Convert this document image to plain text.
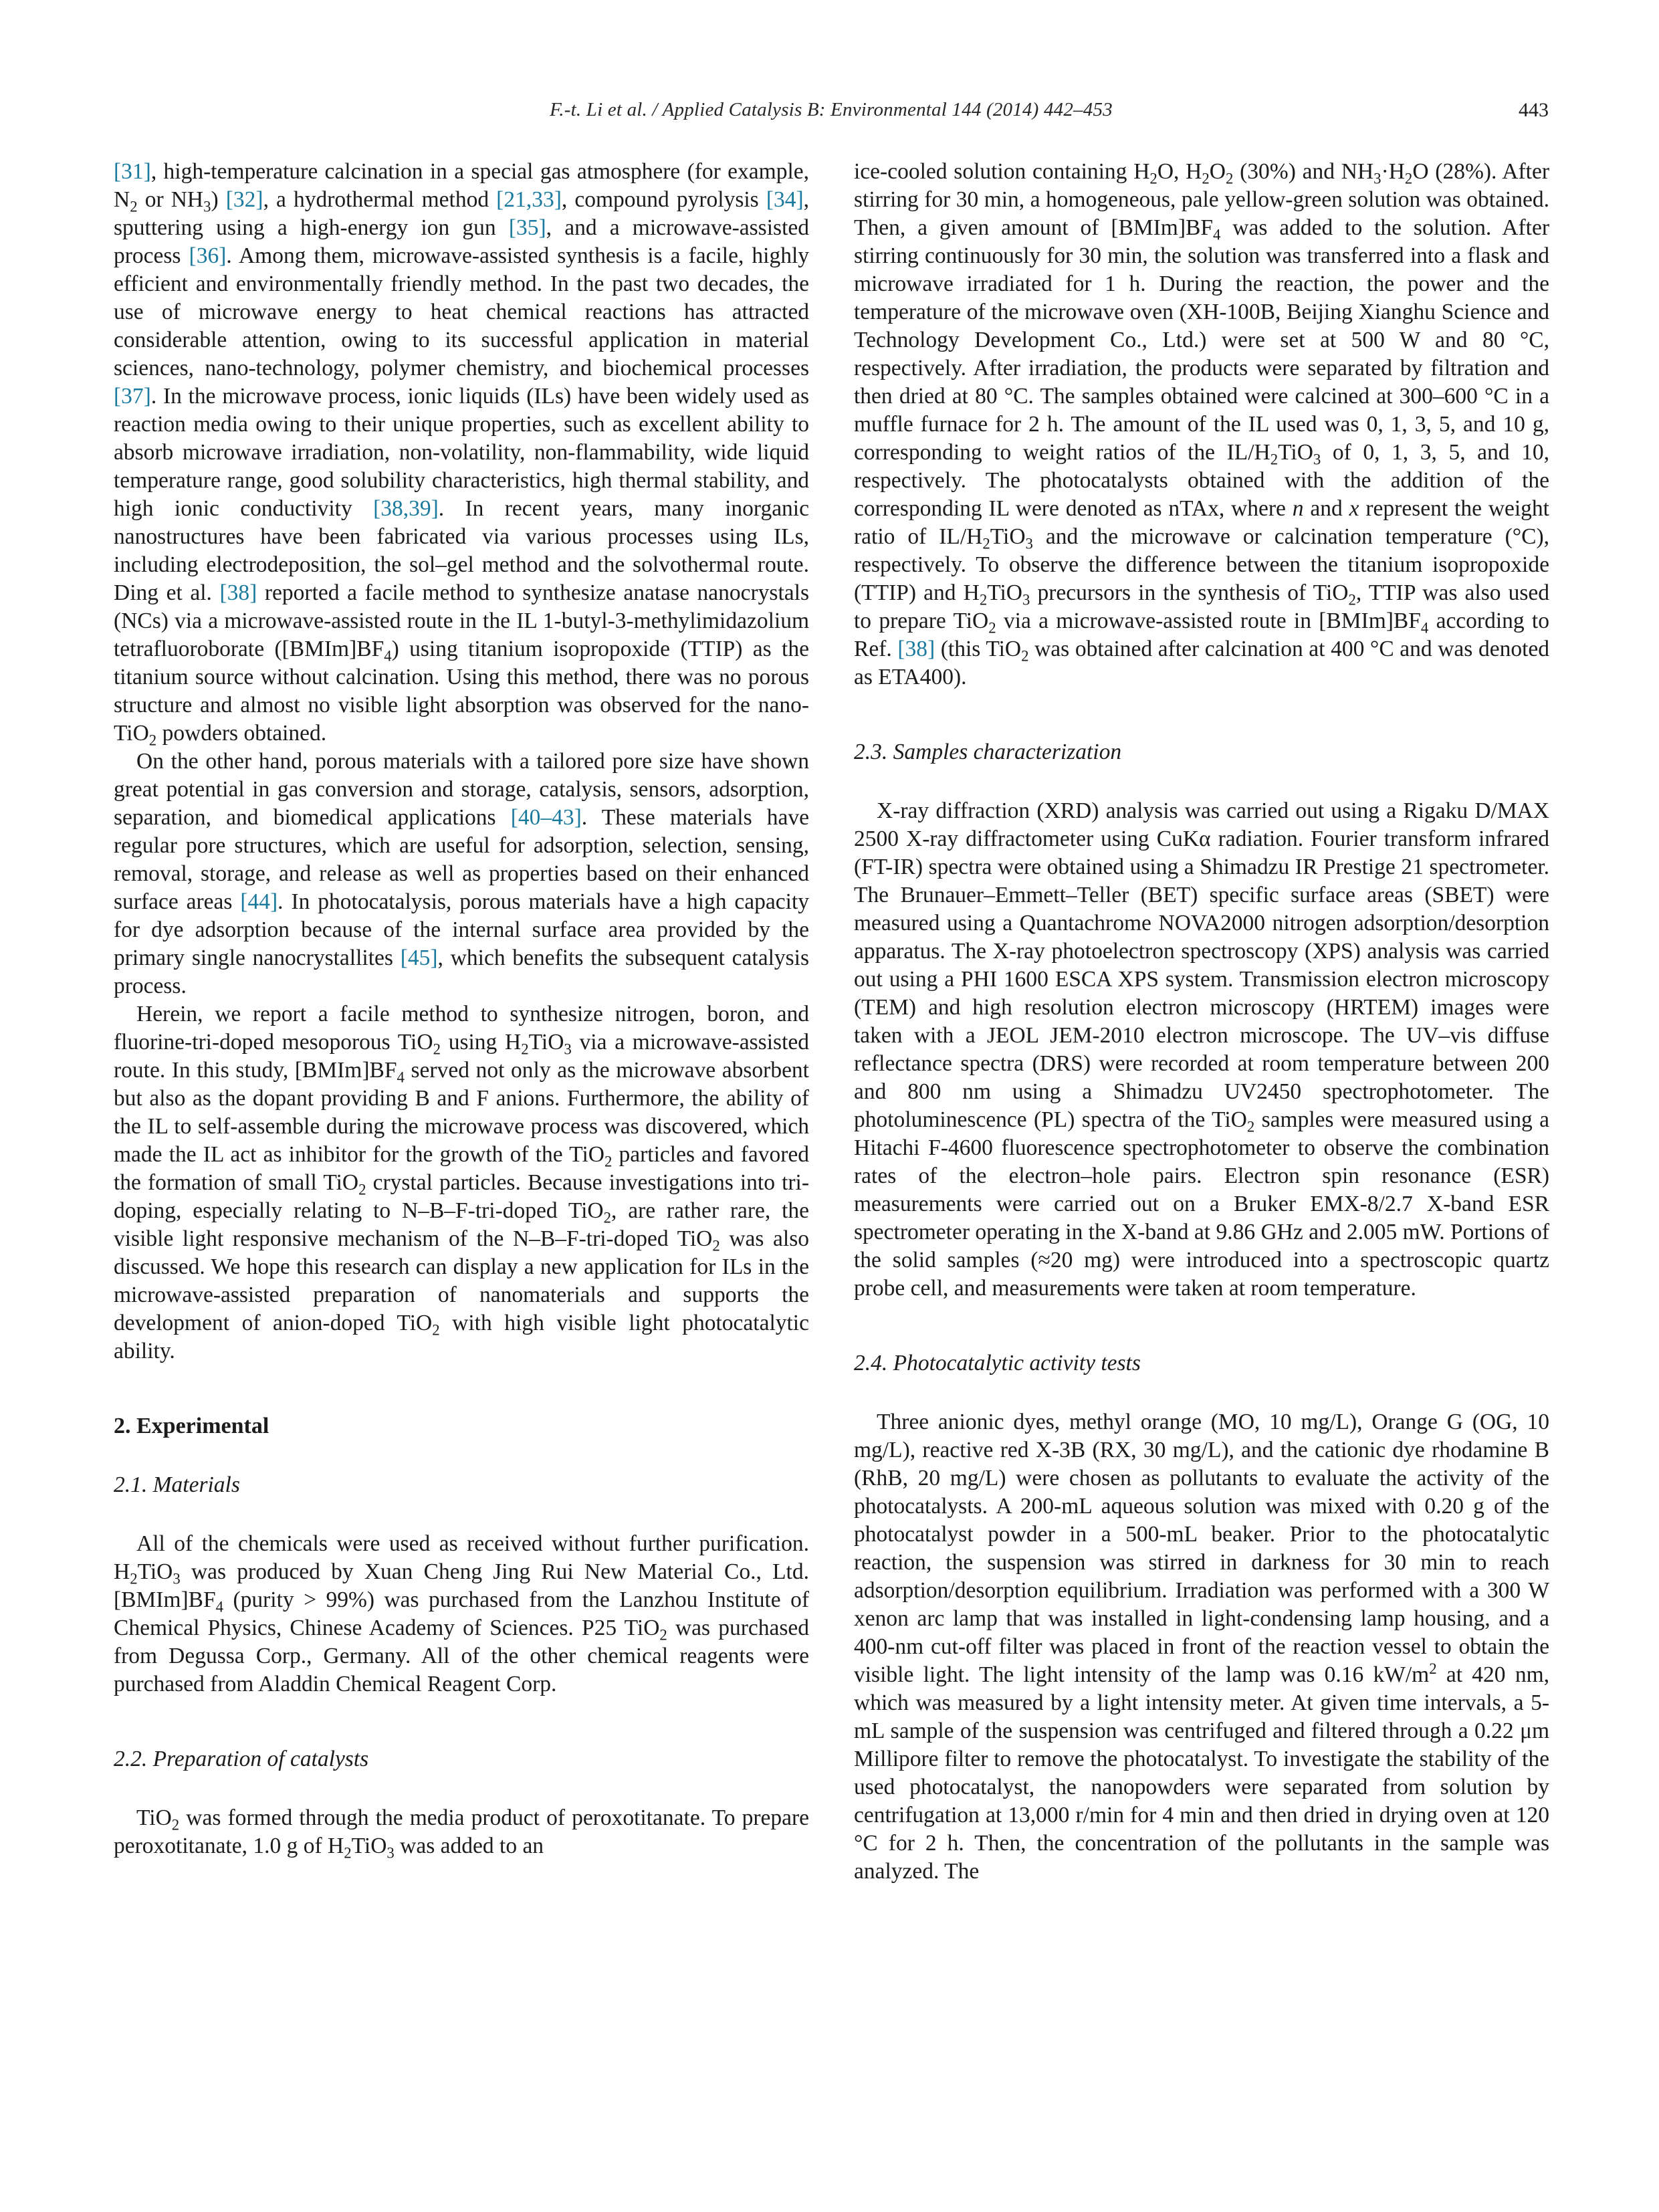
F.-t. Li et al. / Applied Catalysis B: Environmental 144 (2014) 442–453	443

[31], high-temperature calcination in a special gas atmosphere (for example, $N_2$ or $NH_3$) [32], a hydrothermal method [21,33], compound pyrolysis [34], sputtering using a high-energy ion gun [35], and a microwave-assisted process [36]. Among them, microwave-assisted synthesis is a facile, highly efficient and environmentally friendly method. In the past two decades, the use of microwave energy to heat chemical reactions has attracted considerable attention, owing to its successful application in material sciences, nano-technology, polymer chemistry, and biochemical processes [37]. In the microwave process, ionic liquids (ILs) have been widely used as reaction media owing to their unique properties, such as excellent ability to absorb microwave irradiation, non-volatility, non-flammability, wide liquid temperature range, good solubility characteristics, high thermal stability, and high ionic conductivity [38,39]. In recent years, many inorganic nanostructures have been fabricated via various processes using ILs, including electrodeposition, the sol–gel method and the solvothermal route. Ding et al. [38] reported a facile method to synthesize anatase nanocrystals (NCs) via a microwave-assisted route in the IL 1-butyl-3-methylimidazolium tetrafluoroborate $([BMIm]BF_4)$ using titanium isopropoxide (TTIP) as the titanium source without calcination. Using this method, there was no porous structure and almost no visible light absorption was observed for the nano-TiO$_2$ powders obtained.

On the other hand, porous materials with a tailored pore size have shown great potential in gas conversion and storage, catalysis, sensors, adsorption, separation, and biomedical applications [40–43]. These materials have regular pore structures, which are useful for adsorption, selection, sensing, removal, storage, and release as well as properties based on their enhanced surface areas [44]. In photocatalysis, porous materials have a high capacity for dye adsorption because of the internal surface area provided by the primary single nanocrystallites [45], which benefits the subsequent catalysis process.

Herein, we report a facile method to synthesize nitrogen, boron, and fluorine-tri-doped mesoporous TiO$_2$ using $H_2TiO_3$ via a microwave-assisted route. In this study, $[BMIm]BF_4$ served not only as the microwave absorbent but also as the dopant providing B and F anions. Furthermore, the ability of the IL to self-assemble during the microwave process was discovered, which made the IL act as inhibitor for the growth of the TiO$_2$ particles and favored the formation of small TiO$_2$ crystal particles. Because investigations into tri-doping, especially relating to N–B–F-tri-doped TiO$_2$, are rather rare, the visible light responsive mechanism of the N–B–F-tri-doped TiO$_2$ was also discussed. We hope this research can display a new application for ILs in the microwave-assisted preparation of nanomaterials and supports the development of anion-doped TiO$_2$ with high visible light photocatalytic ability.

2. Experimental
2.1. Materials

All of the chemicals were used as received without further purification. $H_2TiO_3$ was produced by Xuan Cheng Jing Rui New Material Co., Ltd. $[BMIm]BF_4$ (purity > 99%) was purchased from the Lanzhou Institute of Chemical Physics, Chinese Academy of Sciences. P25 TiO$_2$ was purchased from Degussa Corp., Germany. All of the other chemical reagents were purchased from Aladdin Chemical Reagent Corp.

2.2. Preparation of catalysts

TiO$_2$ was formed through the media product of peroxotitanate. To prepare peroxotitanate, 1.0 g of $H_2TiO_3$ was added to an

ice-cooled solution containing $H_2O$, $H_2O_2$ (30%) and $NH_3\cdot H_2O$ (28%). After stirring for 30 min, a homogeneous, pale yellow-green solution was obtained. Then, a given amount of $[BMIm]BF_4$ was added to the solution. After stirring continuously for 30 min, the solution was transferred into a flask and microwave irradiated for 1 h. During the reaction, the power and the temperature of the microwave oven (XH-100B, Beijing Xianghu Science and Technology Development Co., Ltd.) were set at 500 W and 80 °C, respectively. After irradiation, the products were separated by filtration and then dried at 80 °C. The samples obtained were calcined at 300–600 °C in a muffle furnace for 2 h. The amount of the IL used was 0, 1, 3, 5, and 10 g, corresponding to weight ratios of the $IL/H_2TiO_3$ of 0, 1, 3, 5, and 10, respectively. The photocatalysts obtained with the addition of the corresponding IL were denoted as nTAx, where n and x represent the weight ratio of $IL/H_2TiO_3$ and the microwave or calcination temperature (°C), respectively. To observe the difference between the titanium isopropoxide (TTIP) and $H_2TiO_3$ precursors in the synthesis of TiO$_2$, TTIP was also used to prepare TiO$_2$ via a microwave-assisted route in $[BMIm]BF_4$ according to Ref. [38] (this TiO$_2$ was obtained after calcination at 400 °C and was denoted as ETA400).

2.3. Samples characterization

X-ray diffraction (XRD) analysis was carried out using a Rigaku D/MAX 2500 X-ray diffractometer using CuKα radiation. Fourier transform infrared (FT-IR) spectra were obtained using a Shimadzu IR Prestige 21 spectrometer. The Brunauer–Emmett–Teller (BET) specific surface areas (SBET) were measured using a Quantachrome NOVA2000 nitrogen adsorption/desorption apparatus. The X-ray photoelectron spectroscopy (XPS) analysis was carried out using a PHI 1600 ESCA XPS system. Transmission electron microscopy (TEM) and high resolution electron microscopy (HRTEM) images were taken with a JEOL JEM-2010 electron microscope. The UV–vis diffuse reflectance spectra (DRS) were recorded at room temperature between 200 and 800 nm using a Shimadzu UV2450 spectrophotometer. The photoluminescence (PL) spectra of the TiO$_2$ samples were measured using a Hitachi F-4600 fluorescence spectrophotometer to observe the combination rates of the electron–hole pairs. Electron spin resonance (ESR) measurements were carried out on a Bruker EMX-8/2.7 X-band ESR spectrometer operating in the X-band at 9.86 GHz and 2.005 mW. Portions of the solid samples (≈20 mg) were introduced into a spectroscopic quartz probe cell, and measurements were taken at room temperature.

2.4. Photocatalytic activity tests

Three anionic dyes, methyl orange (MO, 10 mg/L), Orange G (OG, 10 mg/L), reactive red X-3B (RX, 30 mg/L), and the cationic dye rhodamine B (RhB, 20 mg/L) were chosen as pollutants to evaluate the activity of the photocatalysts. A 200-mL aqueous solution was mixed with 0.20 g of the photocatalyst powder in a 500-mL beaker. Prior to the photocatalytic reaction, the suspension was stirred in darkness for 30 min to reach adsorption/desorption equilibrium. Irradiation was performed with a 300 W xenon arc lamp that was installed in light-condensing lamp housing, and a 400-nm cut-off filter was placed in front of the reaction vessel to obtain the visible light. The light intensity of the lamp was 0.16 $kW/m^2$ at 420 nm, which was measured by a light intensity meter. At given time intervals, a 5-mL sample of the suspension was centrifuged and filtered through a 0.22 μm Millipore filter to remove the photocatalyst. To investigate the stability of the used photocatalyst, the nanopowders were separated from solution by centrifugation at 13,000 r/min for 4 min and then dried in drying oven at 120 °C for 2 h. Then, the concentration of the pollutants in the sample was analyzed. The
